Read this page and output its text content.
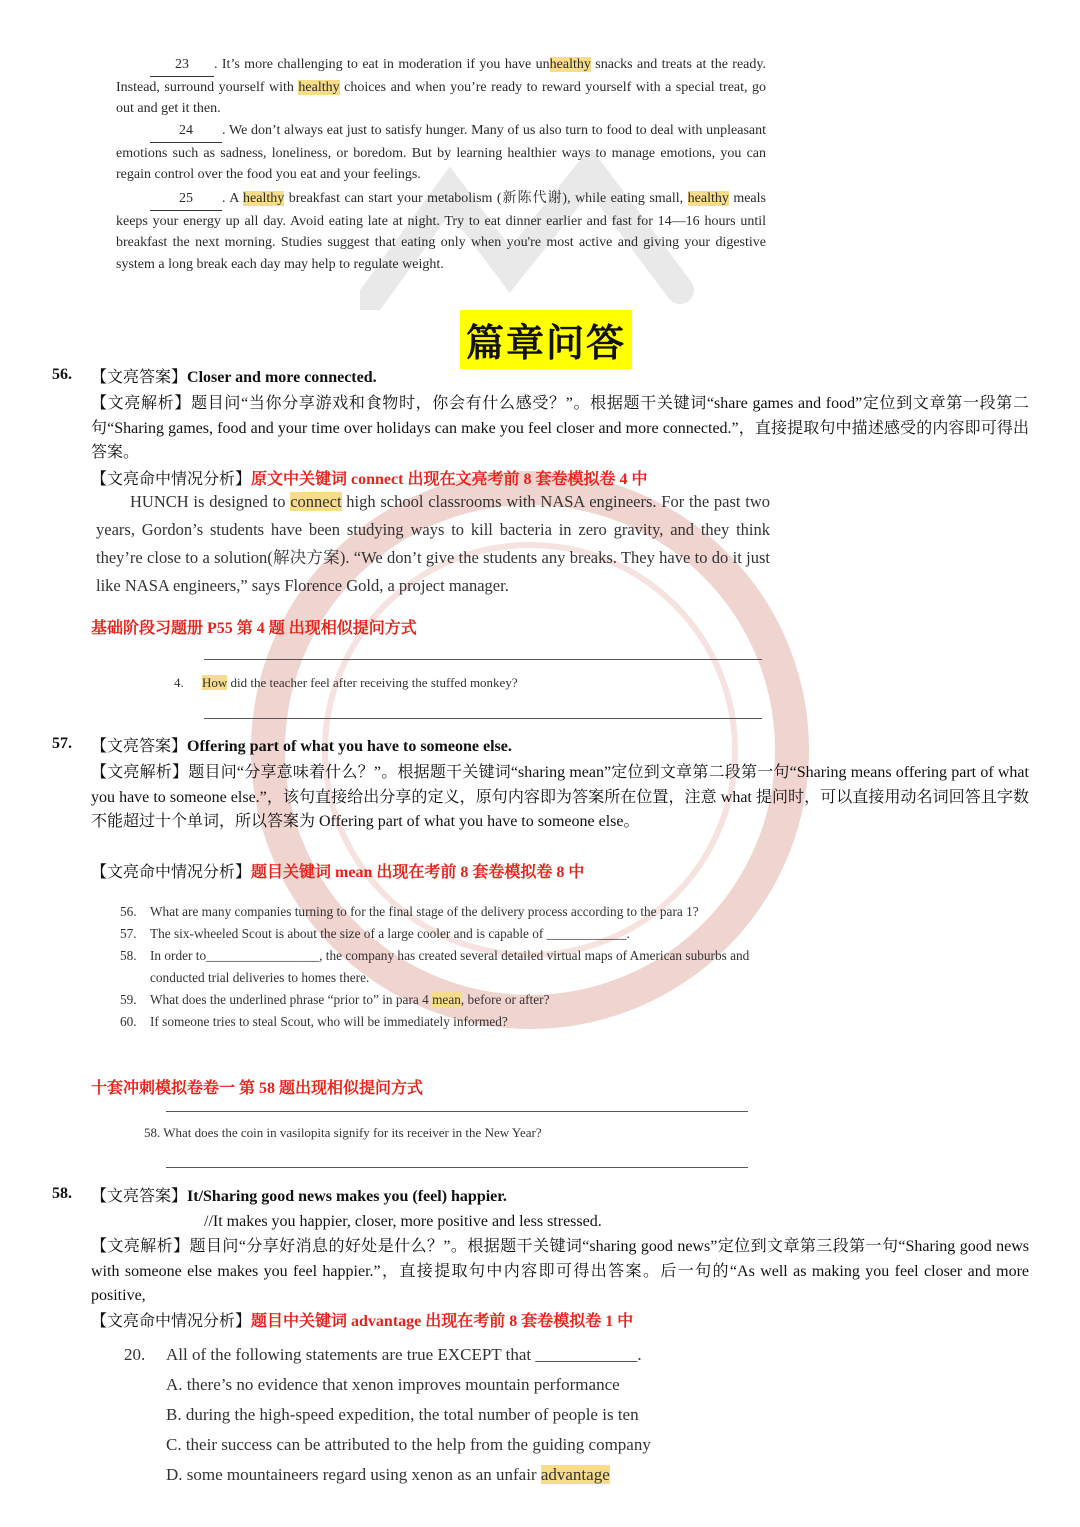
23 . It’s more challenging to eat in moderation if you have unhealthy snacks and treats at the ready. Instead, surround yourself with healthy choices and when you’re ready to reward yourself with a special treat, go out and get it then.
24 . We don’t always eat just to satisfy hunger. Many of us also turn to food to deal with unpleasant emotions such as sadness, loneliness, or boredom. But by learning healthier ways to manage emotions, you can regain control over the food you eat and your feelings.
25 . A healthy breakfast can start your metabolism (新陈代谢), while eating small, healthy meals keeps your energy up all day. Avoid eating late at night. Try to eat dinner earlier and fast for 14—16 hours until breakfast the next morning. Studies suggest that eating only when you're most active and giving your digestive system a long break each day may help to regulate weight.
篇章问答
56. 【文亮答案】Closer and more connected.
【文亮解析】题目问“当你分享游戏和食物时，你会有什么感受？”。根据题干关键词“share games and food”定位到文章第一段第二句“Sharing games, food and your time over holidays can make you feel closer and more connected.”，直接提取句中描述感受的内容即可得出答案。
【文亮命中情况分析】原文中关键词 connect 出现在文亮考前 8 套卷模拟卷 4 中
HUNCH is designed to connect high school classrooms with NASA engineers. For the past two years, Gordon’s students have been studying ways to kill bacteria in zero gravity, and they think they’re close to a solution(解决方案). “We don’t give the students any breaks. They have to do it just like NASA engineers,” says Florence Gold, a project manager.
基础阶段习题册 P55 第 4 题 出现相似提问方式
4. How did the teacher feel after receiving the stuffed monkey?
57. 【文亮答案】Offering part of what you have to someone else.
【文亮解析】题目问“分享意味着什么？”。根据题干关键词“sharing mean”定位到文章第二段第一句“Sharing means offering part of what you have to someone else.”，该句直接给出分享的定义，原句内容即为答案所在位置，注意 what 提问时，可以直接用动名词回答且字数不能超过十个单词，所以答案为 Offering part of what you have to someone else。
【文亮命中情况分析】题目关键词 mean 出现在考前 8 套卷模拟卷 8 中
56.	What are many companies turning to for the final stage of the delivery process according to the para 1?
57.	The six-wheeled Scout is about the size of a large cooler and is capable of ____________.
58.	In order to_________________, the company has created several detailed virtual maps of American suburbs and conducted trial deliveries to homes there.
59.	What does the underlined phrase “prior to” in para 4 mean, before or after?
60.	If someone tries to steal Scout, who will be immediately informed?
十套冲刺模拟卷卷一 第 58 题出现相似提问方式
58. What does the coin in vasilopita signify for its receiver in the New Year?
58. 【文亮答案】It/Sharing good news makes you (feel) happier.
//It makes you happier, closer, more positive and less stressed.
【文亮解析】题目问“分享好消息的好处是什么？”。根据题干关键词“sharing good news”定位到文章第三段第一句“Sharing good news with someone else makes you feel happier.”，直接提取句中内容即可得出答案。后一句的“As well as making you feel closer and more positive,
【文亮命中情况分析】题目中关键词 advantage 出现在考前 8 套卷模拟卷 1 中
20. All of the following statements are true EXCEPT that ____________.
A. there’s no evidence that xenon improves mountain performance
B. during the high-speed expedition, the total number of people is ten
C. their success can be attributed to the help from the guiding company
D. some mountaineers regard using xenon as an unfair advantage
